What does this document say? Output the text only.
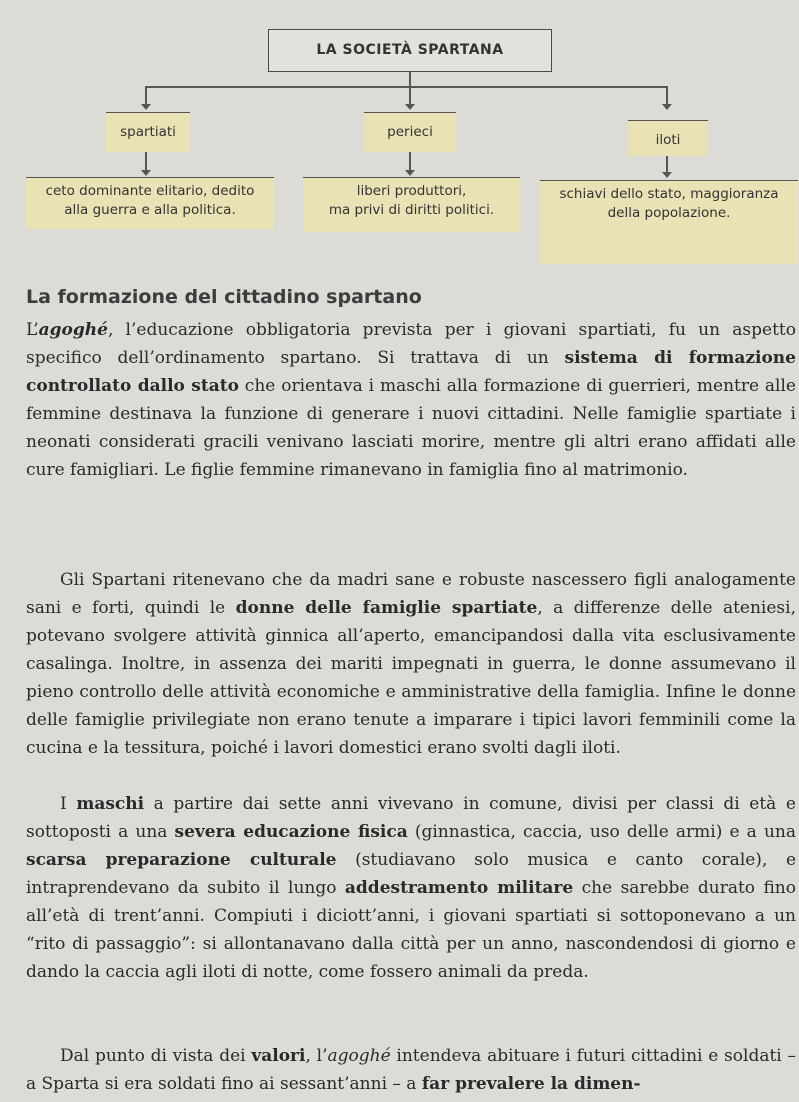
LA SOCIETÀ SPARTANA
spartiati	perieci	iloti
ceto dominante elitario, dedito
alla guerra e alla politica.
liberi produttori,
ma privi di diritti politici.
schiavi dello stato, maggioranza
della popolazione.
La formazione del cittadino spartano

L’agoghé, l’educazione obbligatoria prevista per i giovani spartiati, fu un aspetto specifico dell’ordinamento spartano. Si trattava di un sistema di formazione controllato dallo stato che orientava i maschi alla formazione di guerrieri, mentre alle femmine destinava la funzione di generare i nuovi cittadini. Nelle famiglie spartiate i neonati considerati gracili venivano lasciati morire, mentre gli altri erano affidati alle cure famigliari. Le figlie femmine rimanevano in famiglia fino al matrimonio.

Gli Spartani ritenevano che da madri sane e robuste nascessero figli analogamente sani e forti, quindi le donne delle famiglie spartiate, a differenze delle ateniesi, potevano svolgere attività ginnica all’aperto, emancipandosi dalla vita esclusivamente casalinga. Inoltre, in assenza dei mariti impegnati in guerra, le donne assumevano il pieno controllo delle attività economiche e amministrative della famiglia. Infine le donne delle famiglie privilegiate non erano tenute a imparare i tipici lavori femminili come la cucina e la tessitura, poiché i lavori domestici erano svolti dagli iloti.

I maschi a partire dai sette anni vivevano in comune, divisi per classi di età e sottoposti a una severa educazione fisica (ginnastica, caccia, uso delle armi) e a una scarsa preparazione culturale (studiavano solo musica e canto corale), e intraprendevano da subito il lungo addestramento militare che sarebbe durato fino all’età di trent’anni. Compiuti i diciott’anni, i giovani spartiati si sottoponevano a un “rito di passaggio”: si allontanavano dalla città per un anno, nascondendosi di giorno e dando la caccia agli iloti di notte, come fossero animali da preda.

Dal punto di vista dei valori, l’agoghé intendeva abituare i futuri cittadini e soldati – a Sparta si era soldati fino ai sessant’anni – a far prevalere la dimen-
